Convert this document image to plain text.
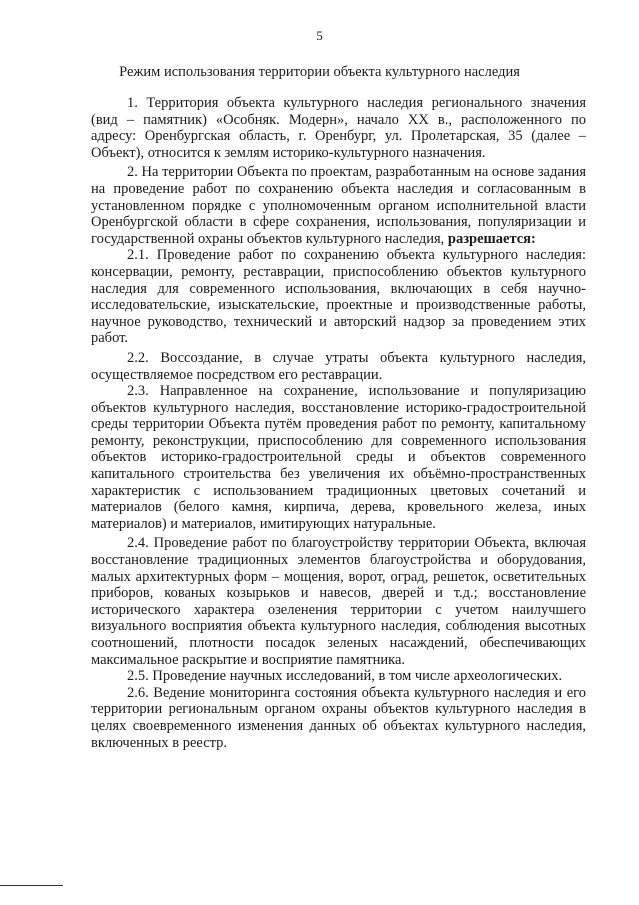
5
Режим использования территории объекта культурного наследия

1. Территория объекта культурного наследия регионального значения (вид – памятник) «Особняк. Модерн», начало XX в., расположенного по адресу: Оренбургская область, г. Оренбург, ул. Пролетарская, 35 (далее – Объект), относится к землям историко-культурного назначения.

2. На территории Объекта по проектам, разработанным на основе задания на проведение работ по сохранению объекта наследия и согласованным в установленном порядке с уполномоченным органом исполнительной власти Оренбургской области в сфере сохранения, использования, популяризации и государственной охраны объектов культурного наследия, разрешается:

2.1. Проведение работ по сохранению объекта культурного наследия: консервации, ремонту, реставрации, приспособлению объектов культурного наследия для современного использования, включающих в себя научно-исследовательские, изыскательские, проектные и производственные работы, научное руководство, технический и авторский надзор за проведением этих работ.

2.2. Воссоздание, в случае утраты объекта культурного наследия, осуществляемое посредством его реставрации.

2.3. Направленное на сохранение, использование и популяризацию объектов культурного наследия, восстановление историко-градостроительной среды территории Объекта путём проведения работ по ремонту, капитальному ремонту, реконструкции, приспособлению для современного использования объектов историко-градостроительной среды и объектов современного капитального строительства без увеличения их объёмно-пространственных характеристик с использованием традиционных цветовых сочетаний и материалов (белого камня, кирпича, дерева, кровельного железа, иных материалов) и материалов, имитирующих натуральные.

2.4. Проведение работ по благоустройству территории Объекта, включая восстановление традиционных элементов благоустройства и оборудования, малых архитектурных форм – мощения, ворот, оград, решеток, осветительных приборов, кованых козырьков и навесов, дверей и т.д.; восстановление исторического характера озеленения территории с учетом наилучшего визуального восприятия объекта культурного наследия, соблюдения высотных соотношений, плотности посадок зеленых насаждений, обеспечивающих максимальное раскрытие и восприятие памятника.

2.5. Проведение научных исследований, в том числе археологических.

2.6. Ведение мониторинга состояния объекта культурного наследия и его территории региональным органом охраны объектов культурного наследия в целях своевременного изменения данных об объектах культурного наследия, включенных в реестр.
